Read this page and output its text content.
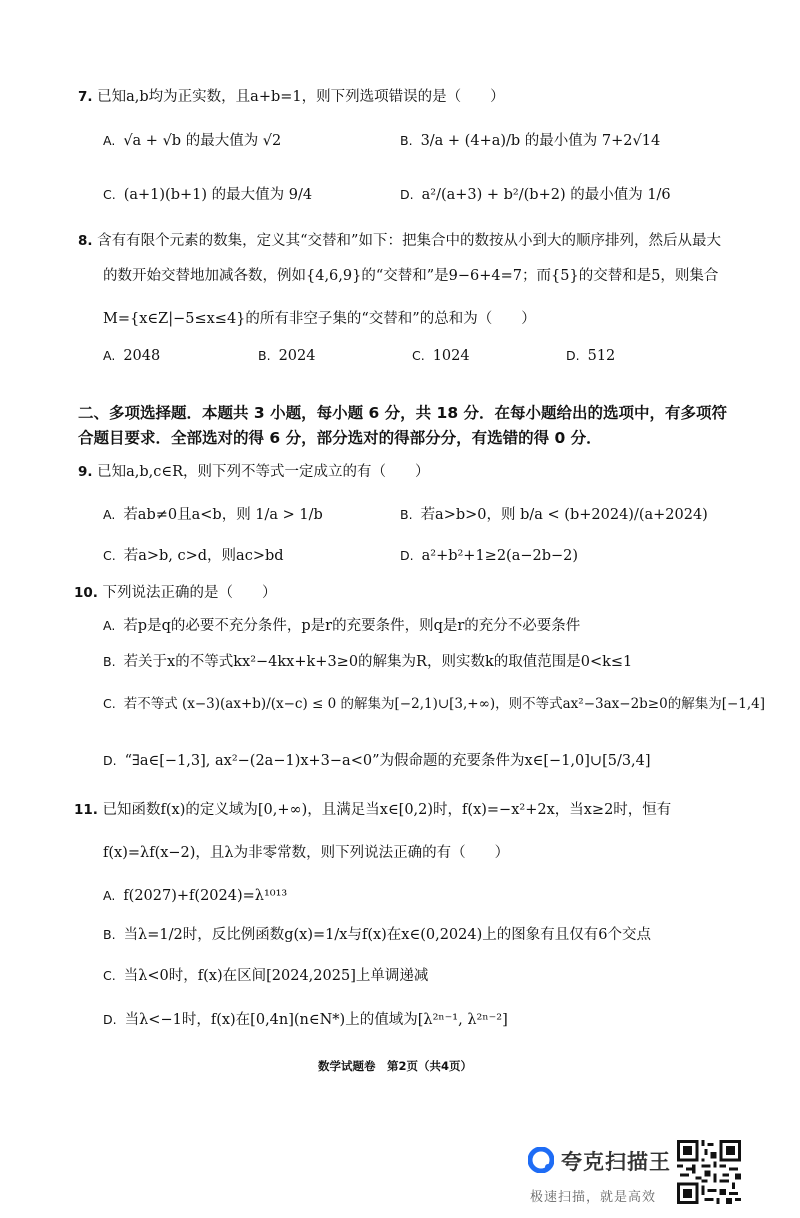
7. 已知a,b均为正实数，且a+b=1，则下列选项错误的是（　　）
A. √a + √b 的最大值为 √2	B. 3/a + (4+a)/b 的最小值为 7+2√14
C. (a+1)(b+1) 的最大值为 9/4	D. a²/(a+3) + b²/(b+2) 的最小值为 1/6
8. 含有有限个元素的数集，定义其“交替和”如下：把集合中的数按从小到大的顺序排列，然后从最大
的数开始交替地加减各数，例如{4,6,9}的“交替和”是9−6+4=7；而{5}的交替和是5，则集合
M={x∈Z|−5≤x≤4}的所有非空子集的“交替和”的总和为（　　）
A. 2048	B. 2024	C. 1024	D. 512
二、多项选择题．本题共 3 小题，每小题 6 分，共 18 分．在每小题给出的选项中，有多项符
合题目要求．全部选对的得 6 分，部分选对的得部分分，有选错的得 0 分．
9. 已知a,b,c∈R，则下列不等式一定成立的有（　　）
A. 若ab≠0且a<b，则 1/a > 1/b	B. 若a>b>0，则 b/a < (b+2024)/(a+2024)
C. 若a>b, c>d，则ac>bd	D. a²+b²+1≥2(a−2b−2)
10. 下列说法正确的是（　　）
A. 若p是q的必要不充分条件，p是r的充要条件，则q是r的充分不必要条件
B. 若关于x的不等式kx²−4kx+k+3≥0的解集为R，则实数k的取值范围是0<k≤1
C. 若不等式 (x−3)(ax+b)/(x−c) ≤ 0 的解集为[−2,1)∪[3,+∞)，则不等式ax²−3ax−2b≥0的解集为[−1,4]
D. “∃a∈[−1,3], ax²−(2a−1)x+3−a<0”为假命题的充要条件为x∈[−1,0]∪[5/3,4]
11. 已知函数f(x)的定义域为[0,+∞)，且满足当x∈[0,2)时，f(x)=−x²+2x，当x≥2时，恒有
f(x)=λf(x−2)，且λ为非零常数，则下列说法正确的有（　　）
A. f(2027)+f(2024)=λ¹⁰¹³
B. 当λ=1/2时，反比例函数g(x)=1/x与f(x)在x∈(0,2024)上的图象有且仅有6个交点
C. 当λ<0时，f(x)在区间[2024,2025]上单调递减
D. 当λ<−1时，f(x)在[0,4n](n∈N*)上的值域为[λ²ⁿ⁻¹, λ²ⁿ⁻²]
数学试题卷　第2页（共4页）
夸克扫描王
极速扫描，就是高效
